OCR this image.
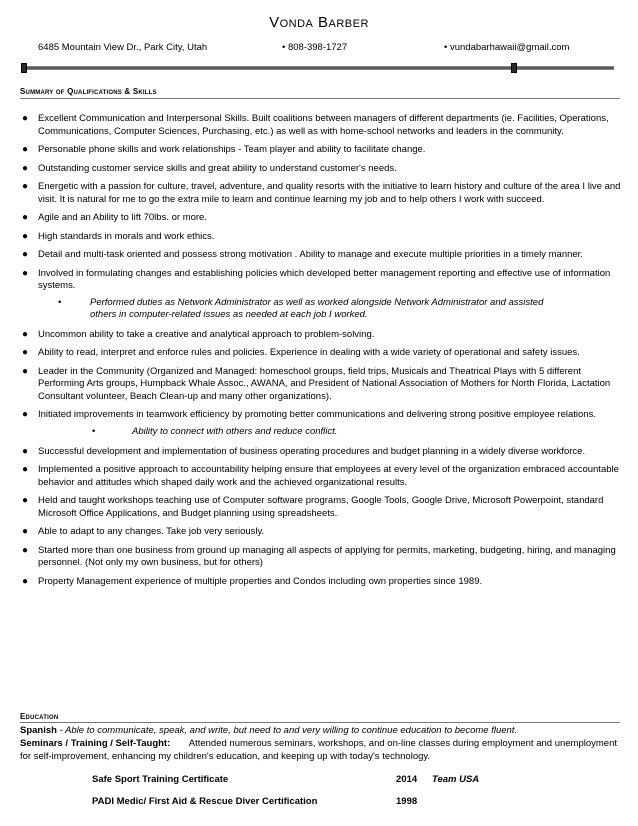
Vonda Barber
6485 Mountain View Dr., Park City, Utah	• 808-398-1727	• vundabarhawaii@gmail.com
Summary of Qualifications & Skills
● Excellent Communication and Interpersonal Skills. Built coalitions between managers of different departments (ie. Facilities, Operations, Communications, Computer Sciences, Purchasing, etc.) as well as with home-school networks and leaders in the community.
● Personable phone skills and work relationships - Team player and ability to facilitate change.
● Outstanding customer service skills and great ability to understand customer's needs.
● Energetic with a passion for culture, travel, adventure, and quality resorts with the initiative to learn history and culture of the area I live and visit. It is natural for me to go the extra mile to learn and continue learning my job and to help others I work with succeed.
● Agile and an Ability to lift 70lbs. or more.
● High standards in morals and work ethics.
● Detail and multi-task oriented and possess strong motivation . Ability to manage and execute multiple priorities in a timely manner.
● Involved in formulating changes and establishing policies which developed better management reporting and effective use of information systems.
•	Performed duties as Network Administrator as well as worked alongside Network Administrator and assisted others in computer-related issues as needed at each job I worked.
● Uncommon ability to take a creative and analytical approach to problem-solving.
● Ability to read, interpret and enforce rules and policies. Experience in dealing with a wide variety of operational and safety issues.
● Leader in the Community (Organized and Managed: homeschool groups, field trips, Musicals and Theatrical Plays with 5 different Performing Arts groups, Humpback Whale Assoc., AWANA, and President of National Association of Mothers for North Florida, Lactation Consultant volunteer, Beach Clean-up and many other organizations).
● Initiated improvements in teamwork efficiency by promoting better communications and delivering strong positive employee relations.
•	Ability to connect with others and reduce conflict.
● Successful development and implementation of business operating procedures and budget planning in a widely diverse workforce.
● Implemented a positive approach to accountability helping ensure that employees at every level of the organization embraced accountable behavior and attitudes which shaped daily work and the achieved organizational results.
● Held and taught workshops teaching use of Computer software programs, Google Tools, Google Drive, Microsoft Powerpoint, standard Microsoft Office Applications, and Budget planning using spreadsheets.
● Able to adapt to any changes. Take job very seriously.
● Started more than one business from ground up managing all aspects of applying for permits, marketing, budgeting, hiring, and managing personnel. (Not only my own business, but for others)
● Property Management experience of multiple properties and Condos including own properties since 1989.
Education
Spanish - Able to communicate, speak, and write, but need to and very willing to continue education to become fluent.
Seminars / Training / Self-Taught: Attended numerous seminars, workshops, and on-line classes during employment and unemployment for self-improvement, enhancing my children's education, and keeping up with today's technology.
Safe Sport Training Certificate	2014 Team USA
PADI Medic/ First Aid & Rescue Diver Certification	1998
